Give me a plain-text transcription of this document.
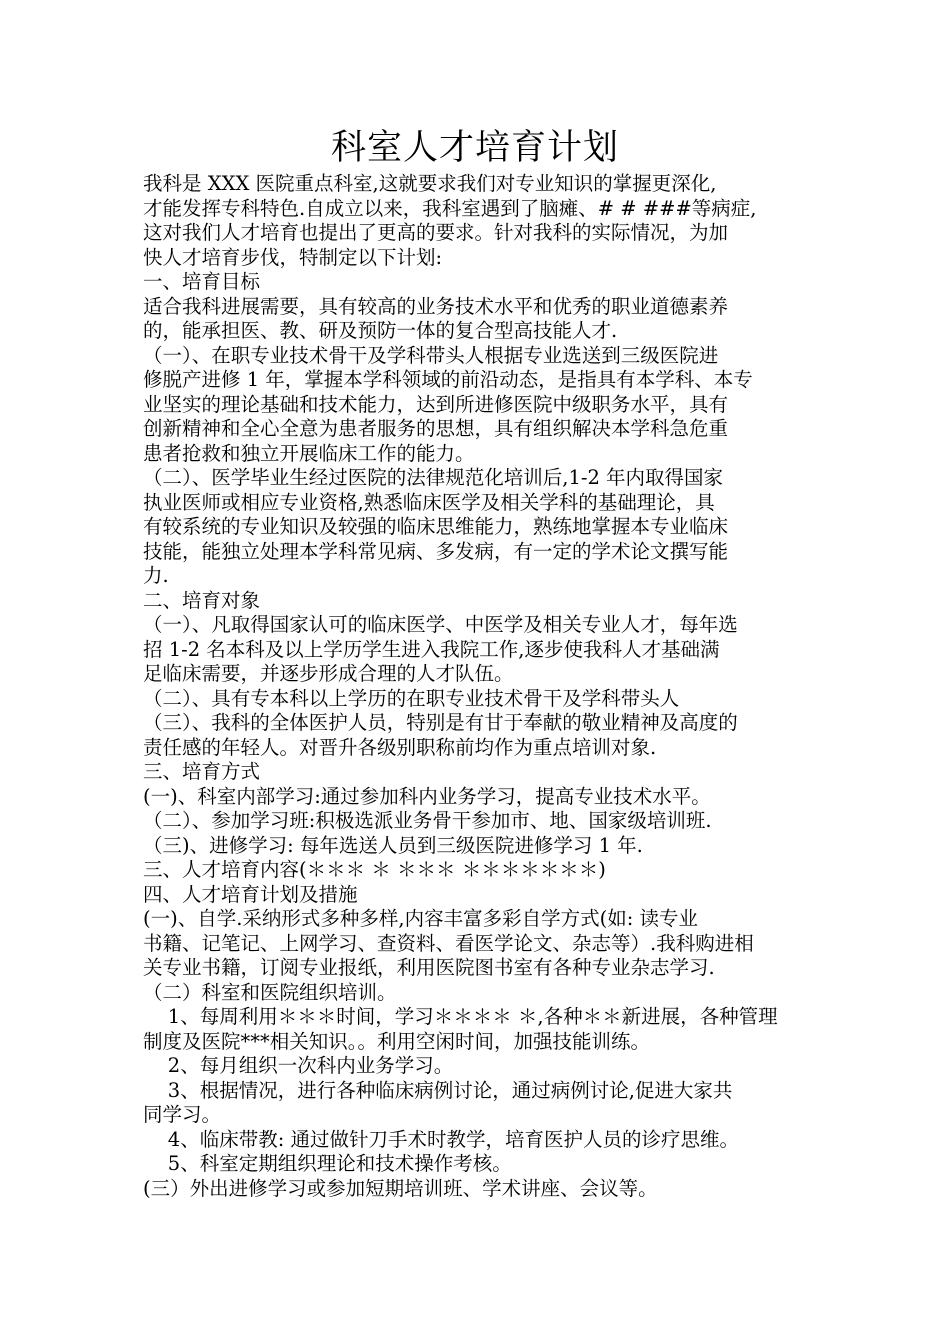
科室人才培育计划
我科是 XXX 医院重点科室,这就要求我们对专业知识的掌握更深化,
才能发挥专科特色.自成立以来，我科室遇到了脑瘫、# # ###等病症,
这对我们人才培育也提出了更高的要求。针对我科的实际情况，为加
快人才培育步伐，特制定以下计划:
一、培育目标
适合我科进展需要，具有较高的业务技术水平和优秀的职业道德素养
的，能承担医、教、研及预防一体的复合型高技能人才.
（一）、在职专业技术骨干及学科带头人根据专业选送到三级医院进
修脱产进修 1 年，掌握本学科领域的前沿动态，是指具有本学科、本专
业坚实的理论基础和技术能力，达到所进修医院中级职务水平，具有
创新精神和全心全意为患者服务的思想，具有组织解决本学科急危重
患者抢救和独立开展临床工作的能力。
（二）、医学毕业生经过医院的法律规范化培训后,1-2 年内取得国家
执业医师或相应专业资格,熟悉临床医学及相关学科的基础理论，具
有较系统的专业知识及较强的临床思维能力，熟练地掌握本专业临床
技能，能独立处理本学科常见病、多发病，有一定的学术论文撰写能
力.
二、培育对象
（一）、凡取得国家认可的临床医学、中医学及相关专业人才，每年选
招 1-2 名本科及以上学历学生进入我院工作,逐步使我科人才基础满
足临床需要，并逐步形成合理的人才队伍。
（二）、具有专本科以上学历的在职专业技术骨干及学科带头人
（三）、我科的全体医护人员，特别是有甘于奉献的敬业精神及高度的
责任感的年轻人。对晋升各级别职称前均作为重点培训对象.
三、培育方式
(一)、科室内部学习:通过参加科内业务学习，提高专业技术水平。
（二）、参加学习班:积极选派业务骨干参加市、地、国家级培训班.
（三)、进修学习: 每年选送人员到三级医院进修学习 1 年.
三、人才培育内容(＊＊＊ ＊ ＊＊＊ ＊＊＊＊＊＊＊)
四、人才培育计划及措施
(一)、自学.采纳形式多种多样,内容丰富多彩自学方式(如: 读专业
书籍、记笔记、上网学习、查资料、看医学论文、杂志等）.我科购进相
关专业书籍，订阅专业报纸，利用医院图书室有各种专业杂志学习.
（二）科室和医院组织培训。
1、每周利用＊＊＊时间，学习＊＊＊＊ ＊,各种＊＊新进展，各种管理
制度及医院***相关知识。。利用空闲时间，加强技能训练。
2、每月组织一次科内业务学习。
3、根据情况，进行各种临床病例讨论，通过病例讨论,促进大家共
同学习。
4、临床带教: 通过做针刀手术时教学，培育医护人员的诊疗思维。
5、科室定期组织理论和技术操作考核。
(三）外出进修学习或参加短期培训班、学术讲座、会议等。
